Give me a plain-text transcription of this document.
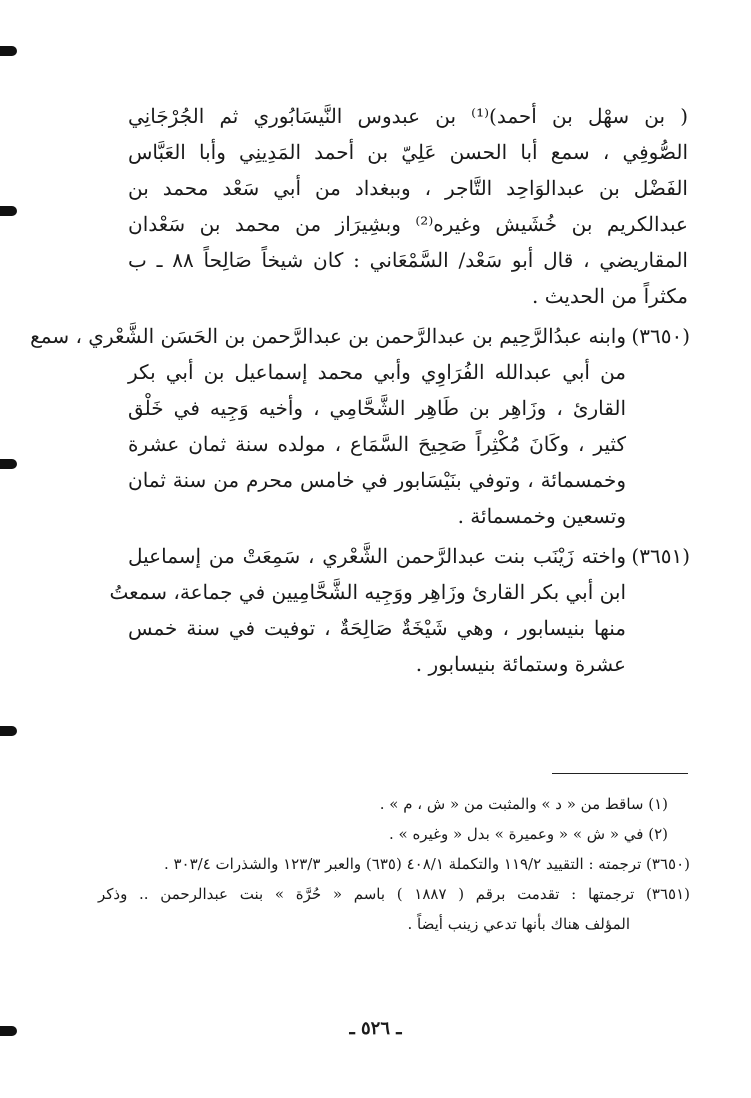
( بن سهْل بن أحمد)⁽¹⁾ بن عبدوس النَّيسَابُوري ثم الجُرْجَانِي
الصُّوفِي ، سمع أبا الحسن عَلِيّ بن أحمد المَدِينِي وأبا العَبَّاس
الفَضْل بن عبدالوَاحِد التَّاجر ، وببغداد من أبي سَعْد محمد بن
عبدالكريم بن خُشَيش وغيره⁽²⁾ وبشِيرَاز من محمد بن سَعْدان
المقاريضي ، قال أبو سَعْد/ السَّمْعَاني : كان شيخاً صَالِحاً ٨٨ ـ ب
مكثراً من الحديث .
(٣٦٥٠)
وابنه عبدُالرَّحِيم بن عبدالرَّحمن بن عبدالرَّحمن بن الحَسَن الشَّعْري ، سمع
من أبي عبدالله الفُرَاوِي وأبي محمد إسماعيل بن أبي بكر
القارئ ، وزَاهِر بن طَاهِر الشَّحَّامِي ، وأخيه وَجِيه في خَلْق
كثير ، وكَانَ مُكْثِراً صَحِيحَ السَّمَاع ، مولده سنة ثمان عشرة
وخمسمائة ، وتوفي بنَيْسَابور في خامس محرم من سنة ثمان
وتسعين وخمسمائة .
(٣٦٥١)
واخته زَيْنَب بنت عبدالرَّحمن الشَّعْري ، سَمِعَتْ من إسماعيل
ابن أبي بكر القارئ وزَاهِر ووَجِيه الشَّحَّامِيين في جماعة، سمعتُ
منها بنيسابور ، وهي شَيْخَةٌ صَالِحَةٌ ، توفيت في سنة خمس
عشرة وستمائة بنيسابور .
(١) ساقط من « د » والمثبت من « ش ، م » .
(٢) في « ش » « وعميرة » بدل « وغيره » .
(٣٦٥٠) ترجمته : التقييد ١١٩/٢ والتكملة ٤٠٨/١ (٦٣٥) والعبر ١٢٣/٣ والشذرات ٣٠٣/٤ .
(٣٦٥١) ترجمتها : تقدمت برقم ( ١٨٨٧ ) باسم « حُرَّة » بنت عبدالرحمن .. وذكر
المؤلف هناك بأنها تدعي زينب أيضاً .
ـ ٥٢٦ ـ
